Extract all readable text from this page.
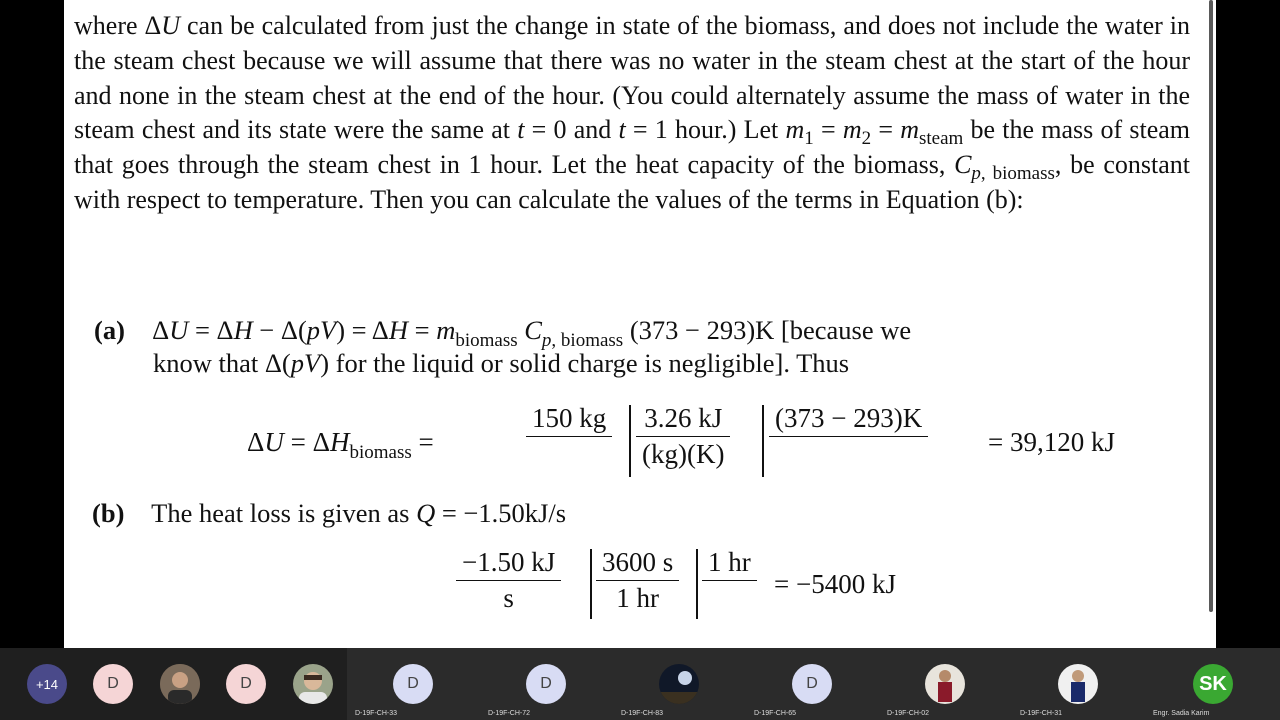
where ΔU can be calculated from just the change in state of the biomass, and does not include the water in the steam chest because we will assume that there was no water in the steam chest at the start of the hour and none in the steam chest at the end of the hour. (You could alternately assume the mass of water in the steam chest and its state were the same at t = 0 and t = 1 hour.) Let $m_1 = m_2 = m_{steam}$ be the mass of steam that goes through the steam chest in 1 hour. Let the heat capacity of the biomass, $C_{p, biomass}$, be constant with respect to temperature. Then you can calculate the values of the terms in Equation (b):

(a) $\Delta U = \Delta H - \Delta(pV) = \Delta H = m_{biomass}$ $C_{p, biomass}$ (373 − 293)K [because we
know that Δ(pV) for the liquid or solid charge is negligible]. Thus
$\Delta U = \Delta H_{biomass}$ =
150 kg $\frac{3.26 kJ}{(kg)(K)} (373 - 293)K$
= 39,120 kJ
(b) The heat loss is given as Q = −1.50kJ/s
$\frac{-1.50 kJ}{s} \frac{3600 s}{1 hr} 1$ hr
= −5400 kJ
+14	D	D	D
D-19F-CH-33
D
D-19F-CH-72	D-19F-CH-83
D
D-19F-CH-65	D-19F-CH-02	D-19F-CH-31
SK
Engr. Sadia Karim
